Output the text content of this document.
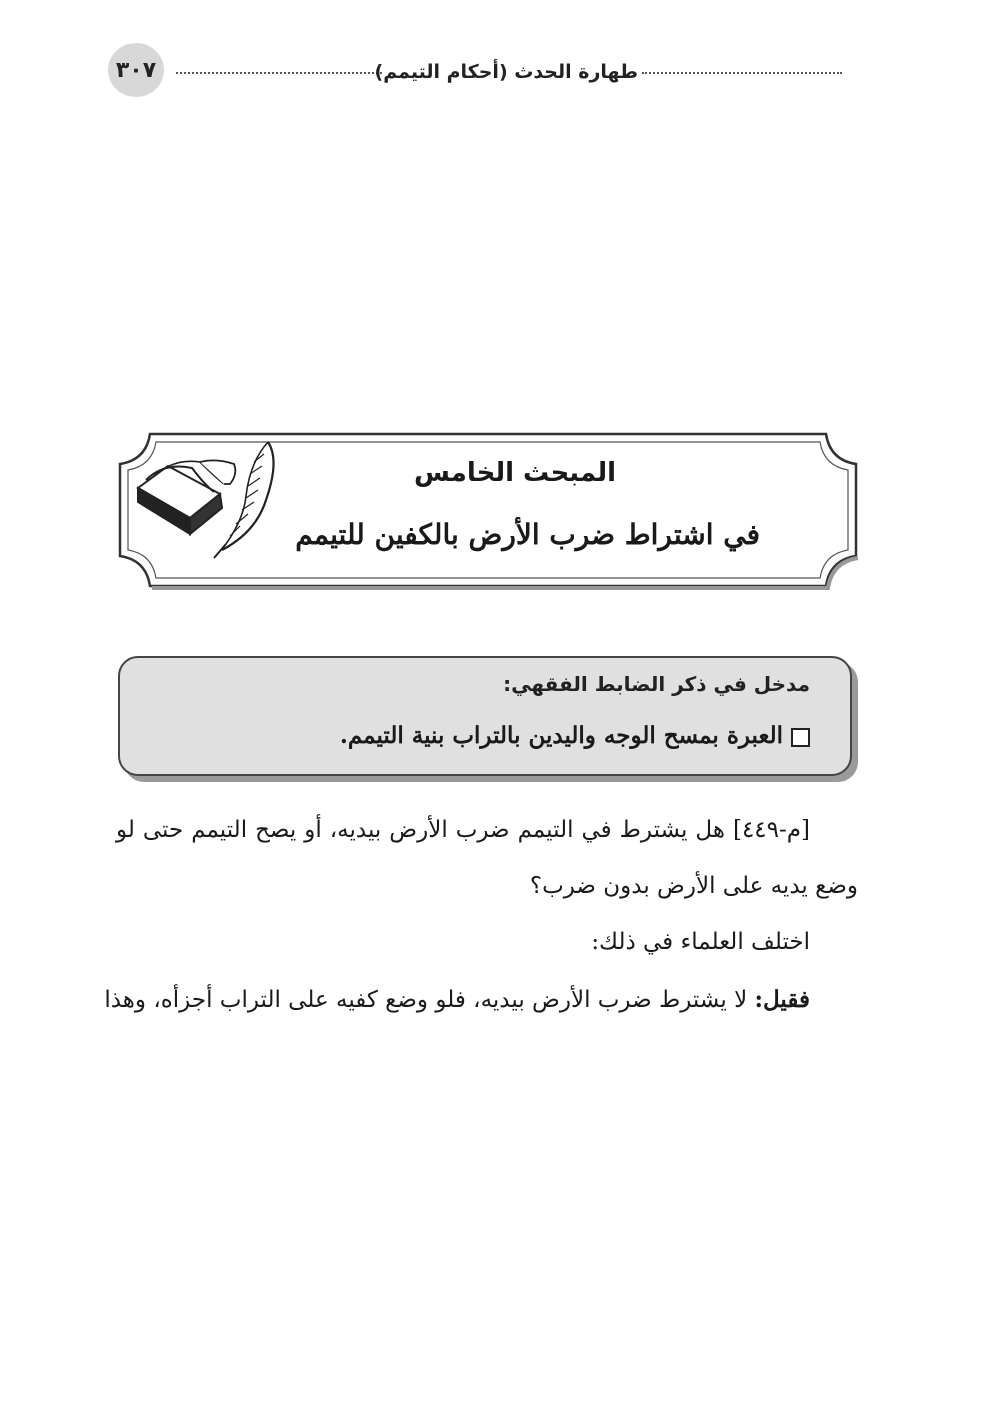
٣٠٧	طهارة الحدث (أحكام التيمم)
المبحث الخامس
في اشتراط ضرب الأرض بالكفين للتيمم
مدخل في ذكر الضابط الفقهي:
العبرة بمسح الوجه واليدين بالتراب بنية التيمم.
[م-٤٤٩] هل يشترط في التيمم ضرب الأرض بيديه، أو يصح التيمم حتى لو
وضع يديه على الأرض بدون ضرب؟
اختلف العلماء في ذلك:
فقيل: لا يشترط ضرب الأرض بيديه، فلو وضع كفيه على التراب أجزأه، وهذا
